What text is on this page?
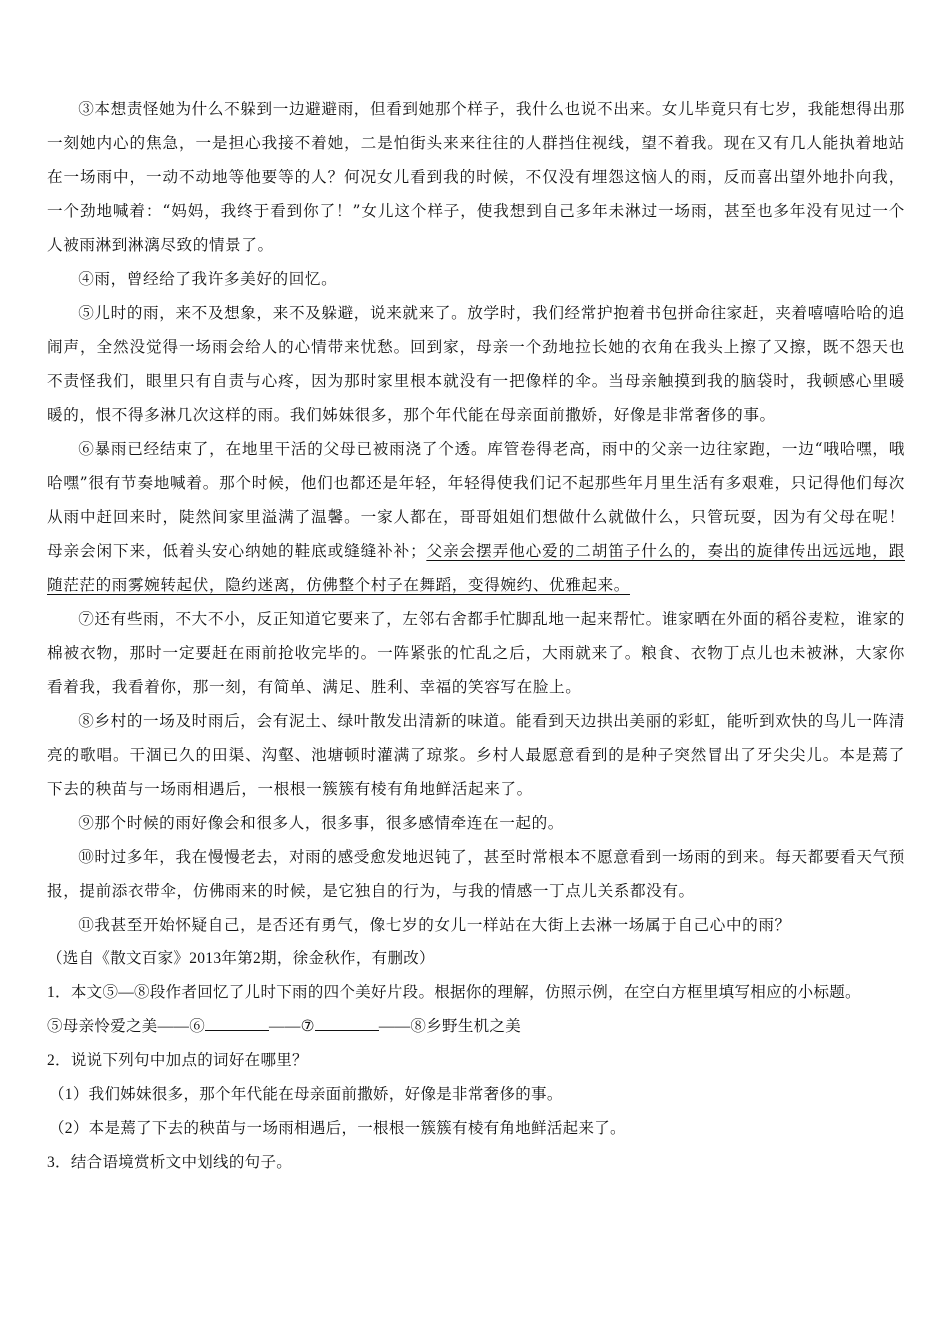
③本想责怪她为什么不躲到一边避避雨，但看到她那个样子，我什么也说不出来。女儿毕竟只有七岁，我能想得出那一刻她内心的焦急，一是担心我接不着她，二是怕街头来来往往的人群挡住视线，望不着我。现在又有几人能执着地站在一场雨中，一动不动地等他要等的人？何况女儿看到我的时候，不仅没有埋怨这恼人的雨，反而喜出望外地扑向我，一个劲地喊着：“妈妈，我终于看到你了！”女儿这个样子，使我想到自己多年未淋过一场雨，甚至也多年没有见过一个人被雨淋到淋漓尽致的情景了。

④雨，曾经给了我许多美好的回忆。

⑤儿时的雨，来不及想象，来不及躲避，说来就来了。放学时，我们经常护抱着书包拼命往家赶，夹着嘻嘻哈哈的追闹声，全然没觉得一场雨会给人的心情带来忧愁。回到家，母亲一个劲地拉长她的衣角在我头上擦了又擦，既不怨天也不责怪我们，眼里只有自责与心疼，因为那时家里根本就没有一把像样的伞。当母亲触摸到我的脑袋时，我顿感心里暖暖的，恨不得多淋几次这样的雨。我们姊妹很多，那个年代能在母亲面前撒娇，好像是非常奢侈的事。

⑥暴雨已经结束了，在地里干活的父母已被雨浇了个透。库管卷得老高，雨中的父亲一边往家跑，一边“哦哈嘿，哦哈嘿”很有节奏地喊着。那个时候，他们也都还是年轻，年轻得使我们记不起那些年月里生活有多艰难，只记得他们每次从雨中赶回来时，陡然间家里溢满了温馨。一家人都在，哥哥姐姐们想做什么就做什么，只管玩耍，因为有父母在呢！母亲会闲下来，低着头安心纳她的鞋底或缝缝补补；父亲会摆弄他心爱的二胡笛子什么的，奏出的旋律传出远远地，跟随茫茫的雨雾婉转起伏，隐约迷离，仿佛整个村子在舞蹈，变得婉约、优雅起来。

⑦还有些雨，不大不小，反正知道它要来了，左邻右舍都手忙脚乱地一起来帮忙。谁家晒在外面的稻谷麦粒，谁家的棉被衣物，那时一定要赶在雨前抢收完毕的。一阵紧张的忙乱之后，大雨就来了。粮食、衣物丁点儿也未被淋，大家你看着我，我看着你，那一刻，有简单、满足、胜利、幸福的笑容写在脸上。

⑧乡村的一场及时雨后，会有泥土、绿叶散发出清新的味道。能看到天边拱出美丽的彩虹，能听到欢快的鸟儿一阵清亮的歌唱。干涸已久的田渠、沟壑、池塘顿时灌满了琼浆。乡村人最愿意看到的是种子突然冒出了牙尖尖儿。本是蔫了下去的秧苗与一场雨相遇后，一根根一簇簇有棱有角地鲜活起来了。

⑨那个时候的雨好像会和很多人，很多事，很多感情牵连在一起的。

⑩时过多年，我在慢慢老去，对雨的感受愈发地迟钝了，甚至时常根本不愿意看到一场雨的到来。每天都要看天气预报，提前添衣带伞，仿佛雨来的时候，是它独自的行为，与我的情感一丁点儿关系都没有。

⑪我甚至开始怀疑自己，是否还有勇气，像七岁的女儿一样站在大街上去淋一场属于自己心中的雨？

（选自《散文百家》2013年第2期，徐金秋作，有删改）

1．本文⑤—⑧段作者回忆了儿时下雨的四个美好片段。根据你的理解，仿照示例，在空白方框里填写相应的小标题。

⑤母亲怜爱之美——⑥	——⑦	——⑧乡野生机之美

2．说说下列句中加点的词好在哪里？

（1）我们姊妹很多，那个年代能在母亲面前撒娇，好像是非常奢侈的事。

（2）本是蔫了下去的秧苗与一场雨相遇后，一根根一簇簇有棱有角地鲜活起来了。

3．结合语境赏析文中划线的句子。
